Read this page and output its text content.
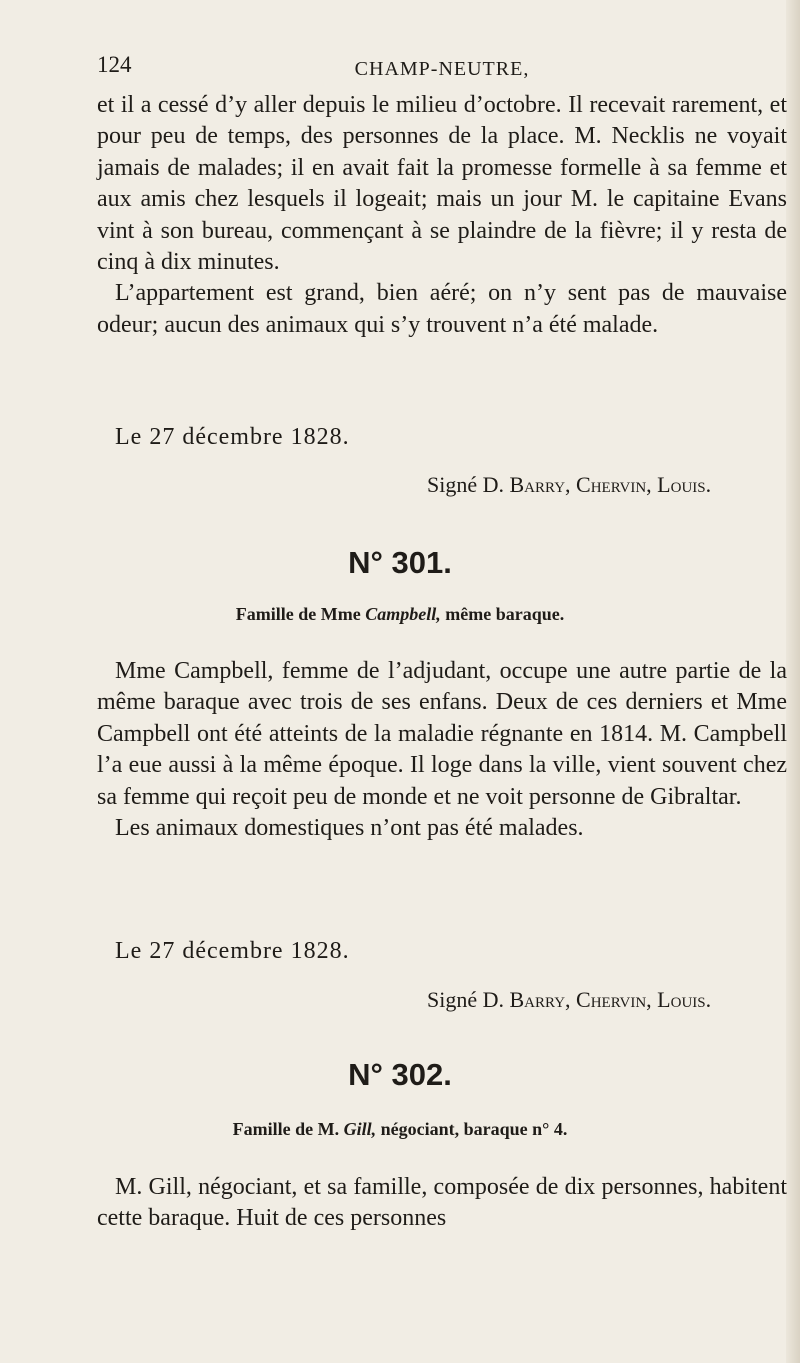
124	CHAMP-NEUTRE,

et il a cessé d’y aller depuis le milieu d’octobre. Il recevait rarement, et pour peu de temps, des personnes de la place. M. Necklis ne voyait jamais de malades; il en avait fait la promesse formelle à sa femme et aux amis chez lesquels il logeait; mais un jour M. le capitaine Evans vint à son bureau, commençant à se plaindre de la fièvre; il y resta de cinq à dix minutes.

L’appartement est grand, bien aéré; on n’y sent pas de mauvaise odeur; aucun des animaux qui s’y trouvent n’a été malade.

Le 27 décembre 1828.
Signé D. Barry, Chervin, Louis.
N° 301.
Famille de Mme Campbell, même baraque.

Mme Campbell, femme de l’adjudant, occupe une autre partie de la même baraque avec trois de ses enfans. Deux de ces derniers et Mme Campbell ont été atteints de la maladie régnante en 1814. M. Campbell l’a eue aussi à la même époque. Il loge dans la ville, vient souvent chez sa femme qui reçoit peu de monde et ne voit personne de Gibraltar.

Les animaux domestiques n’ont pas été malades.

Le 27 décembre 1828.
Signé D. Barry, Chervin, Louis.
N° 302.
Famille de M. Gill, négociant, baraque n° 4.

M. Gill, négociant, et sa famille, composée de dix personnes, habitent cette baraque. Huit de ces personnes
